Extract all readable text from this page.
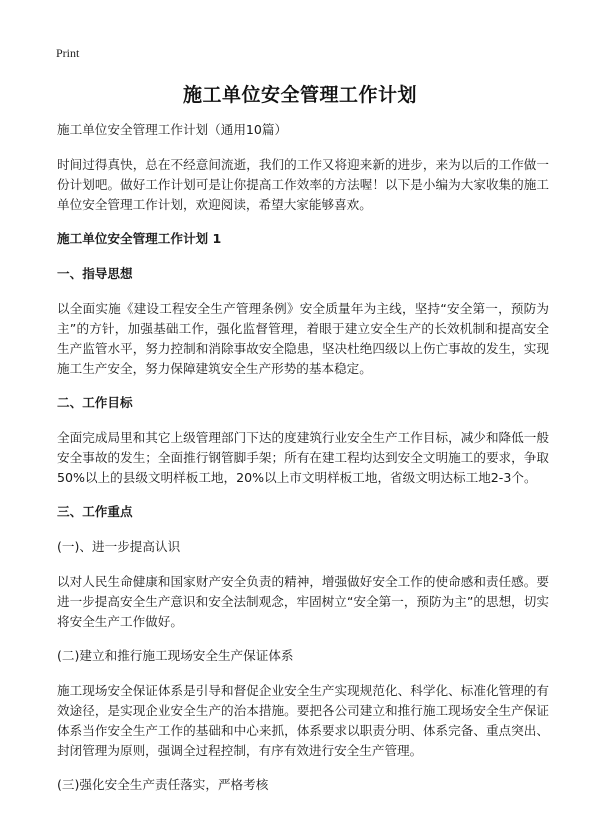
Print
施工单位安全管理工作计划

施工单位安全管理工作计划（通用10篇）

时间过得真快，总在不经意间流逝，我们的工作又将迎来新的进步，来为以后的工作做一份计划吧。做好工作计划可是让你提高工作效率的方法喔！以下是小编为大家收集的施工单位安全管理工作计划，欢迎阅读，希望大家能够喜欢。

施工单位安全管理工作计划 1

一、指导思想

以全面实施《建设工程安全生产管理条例》安全质量年为主线，坚持“安全第一，预防为主”的方针，加强基础工作，强化监督管理，着眼于建立安全生产的长效机制和提高安全生产监管水平，努力控制和消除事故安全隐患，坚决杜绝四级以上伤亡事故的发生，实现施工生产安全，努力保障建筑安全生产形势的基本稳定。

二、工作目标

全面完成局里和其它上级管理部门下达的度建筑行业安全生产工作目标，减少和降低一般安全事故的发生；全面推行钢管脚手架；所有在建工程均达到安全文明施工的要求，争取50%以上的县级文明样板工地，20%以上市文明样板工地，省级文明达标工地2-3个。

三、工作重点

(一)、进一步提高认识

以对人民生命健康和国家财产安全负责的精神，增强做好安全工作的使命感和责任感。要进一步提高安全生产意识和安全法制观念，牢固树立“安全第一，预防为主”的思想，切实将安全生产工作做好。

(二)建立和推行施工现场安全生产保证体系

施工现场安全保证体系是引导和督促企业安全生产实现规范化、科学化、标准化管理的有效途径，是实现企业安全生产的治本措施。要把各公司建立和推行施工现场安全生产保证体系当作安全生产工作的基础和中心来抓，体系要求以职责分明、体系完备、重点突出、封闭管理为原则，强调全过程控制，有序有效进行安全生产管理。

(三)强化安全生产责任落实，严格考核
